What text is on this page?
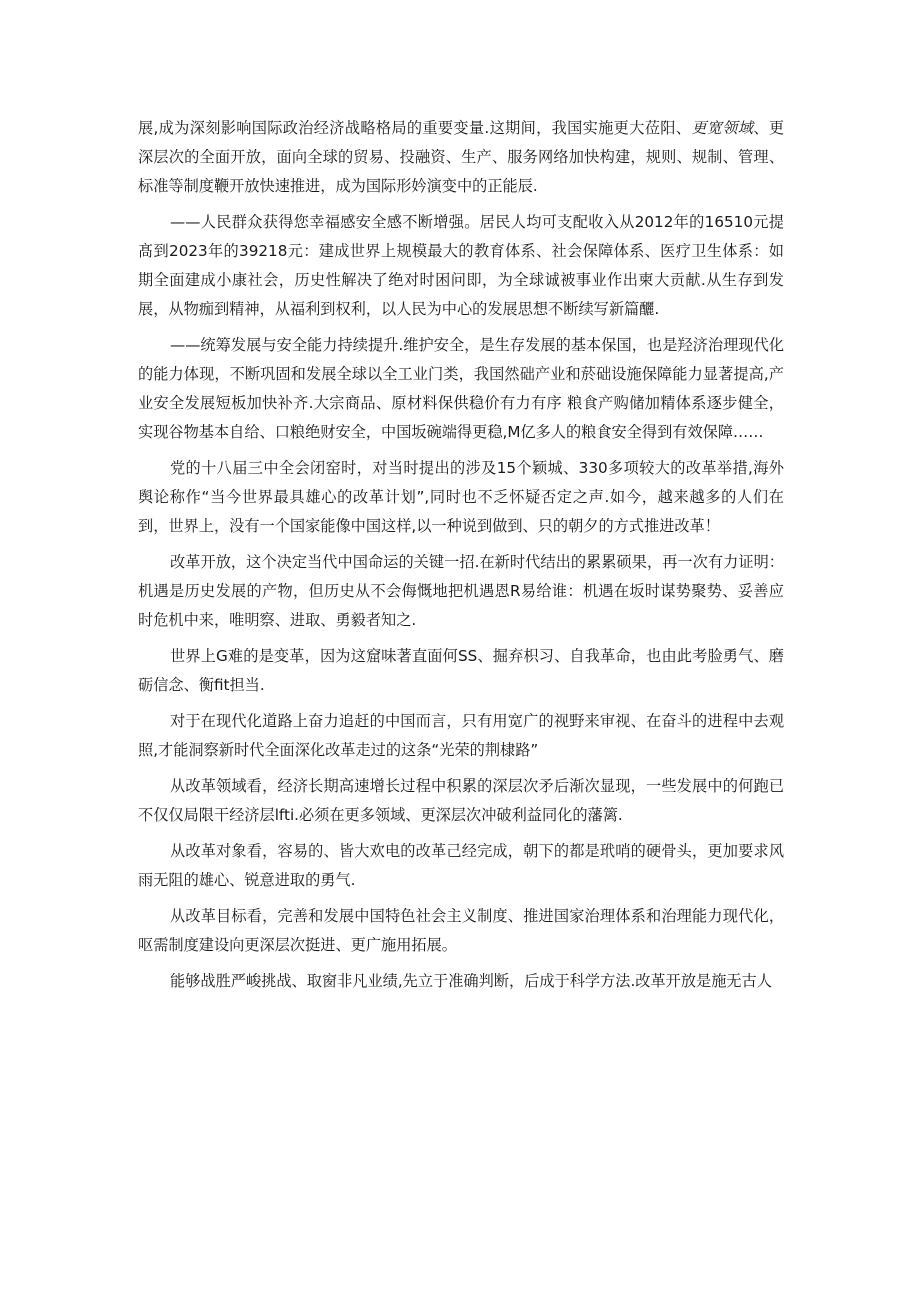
展,成为深刻影响国际政治经济战略格局的重要变量.这期间，我国实施更大莅阳、更宽领域、更深层次的全面开放，面向全球的贸易、投融资、生产、服务网络加快构建，规则、规制、管理、标准等制度鞭开放快速推进，成为国际形妗演变中的正能辰.

——人民群众获得您幸福感安全感不断增强。居民人均可支配收入从2012年的16510元提髙到2023年的39218元：建成世界上规模最大的教育体系、社会保障体系、医疗卫生体系：如期全面建成小康社会，历史性解决了绝对时困问即，为全球诚被事业作出柬大贡献.从生存到发展，从物痂到精神，从福利到权利，以人民为中心的发展思想不断续写新篇釃.

——统筹发展与安全能力持续提升.维护安全，是生存发展的基本保国，也是羟济治理现代化的能力体现，不断巩固和发展全球以全工业门类，我国然础产业和菸础设施保障能力显著提高,产业安全发展短板加快补齐.大宗商品、原材料保供稳价有力有序 粮食产购储加精体系逐步健全，实现谷物基本自给、口粮绝财安全，中国坂碗端得更稳,M亿多人的粮食安全得到有效保障……

党的十八届三中全会闭窑时，对当时提出的涉及15个颖城、330多项较大的改革举措,海外舆论称作“当今世界最具雄心的改革计划”,同时也不乏怀疑否定之声.如今，越来越多的人们在到，世界上，没有一个国家能像中国这样,以一种说到做到、只的朝夕的方式推进改革！

改革开放，这个决定当代中国命运的关键一招.在新时代结出的累累硕果，再一次有力证明：机遇是历史发展的产物，但历史从不会侮慨地把机遇恩R易给谁：机遇在坂时谋势聚势、妥善应时危机中来，唯明察、进取、勇毅者知之.

世界上G难的是变革，因为这窟味著直面何SS、掘弃枳习、自我革命，也由此考脸勇气、磨砺信念、衡fit担当.

对于在现代化道路上奋力追赶的中国而言，只有用宽广的视野来审视、在奋斗的进程中去观照,才能洞察新时代全面深化改革走过的这条“光荣的荆棣路”

从改革领域看，经济长期高速增长过程中积累的深层次矛后渐次显现，一些发展中的何跑已不仅仅局限干经济层lfti.必须在更多领域、更深层次冲破利益同化的藩篱.

从改革对象看，容易的、皆大欢电的改革己经完成，朝下的都是玳哨的硬骨头，更加要求风雨无阻的雄心、锐意进取的勇气.

从改革目标看，完善和发展中国特色社会主义制度、推进国家治理体系和治理能力现代化，呕需制度建设向更深层次挺进、更广施用拓展。

能够战胜严峻挑战、取窗非凡业绩,先立于准确判断，后成于科学方法.改革开放是施无古人
